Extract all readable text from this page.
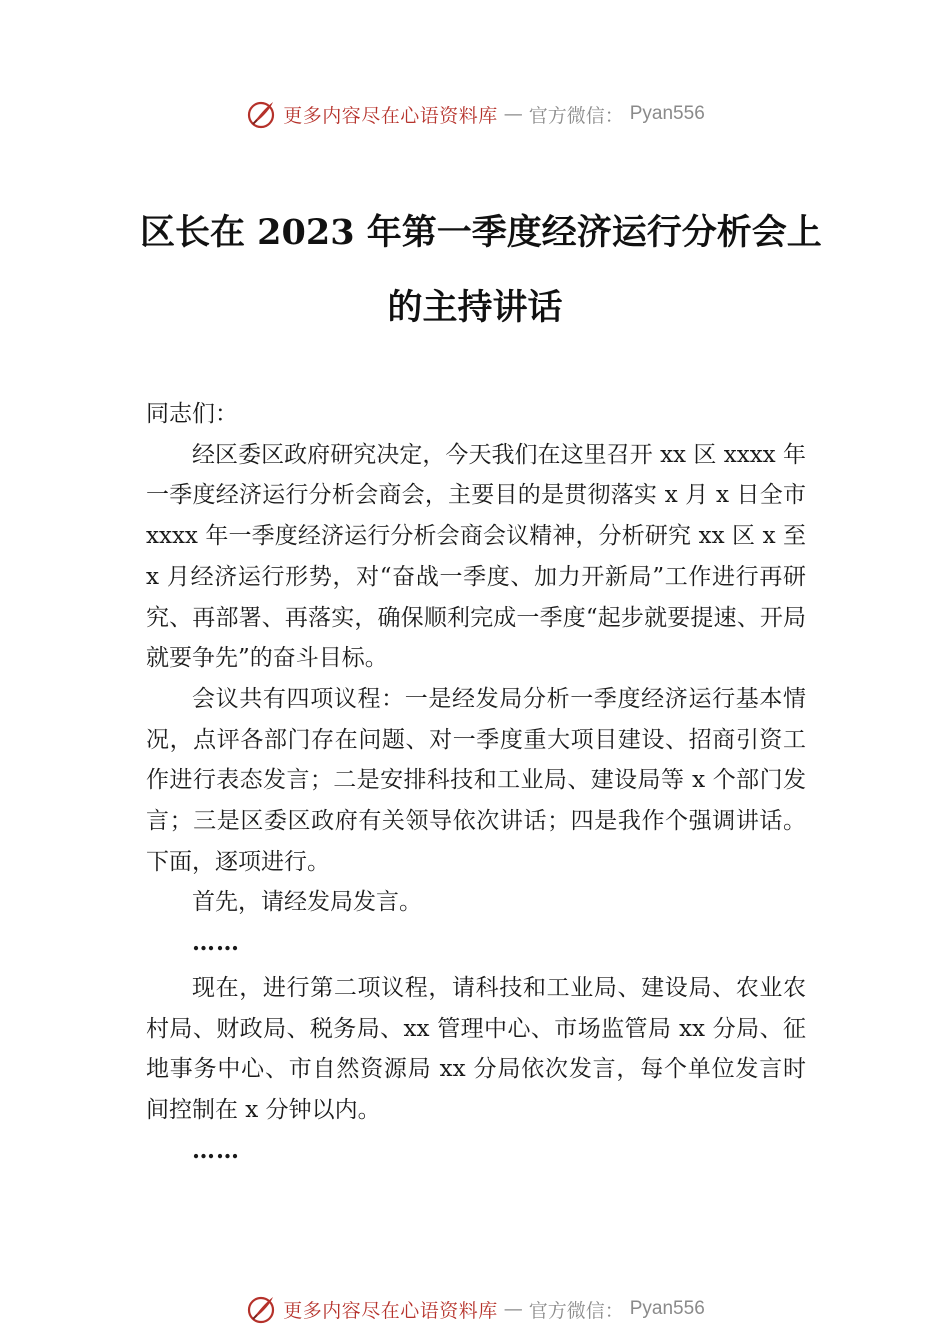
更多内容尽在心语资料库 — 官方微信： Pyan556
区长在 2023 年第一季度经济运行分析会上
的主持讲话

同志们：

经区委区政府研究决定，今天我们在这里召开 xx 区 xxxx 年一季度经济运行分析会商会，主要目的是贯彻落实 x 月 x 日全市 xxxx 年一季度经济运行分析会商会议精神，分析研究 xx 区 x 至 x 月经济运行形势，对“奋战一季度、加力开新局”工作进行再研究、再部署、再落实，确保顺利完成一季度“起步就要提速、开局就要争先”的奋斗目标。

会议共有四项议程：一是经发局分析一季度经济运行基本情况，点评各部门存在问题、对一季度重大项目建设、招商引资工作进行表态发言；二是安排科技和工业局、建设局等 x 个部门发言；三是区委区政府有关领导依次讲话；四是我作个强调讲话。下面，逐项进行。

首先，请经发局发言。

……

现在，进行第二项议程，请科技和工业局、建设局、农业农村局、财政局、税务局、xx 管理中心、市场监管局 xx 分局、征地事务中心、市自然资源局 xx 分局依次发言，每个单位发言时间控制在 x 分钟以内。

……

更多内容尽在心语资料库 — 官方微信： Pyan556
